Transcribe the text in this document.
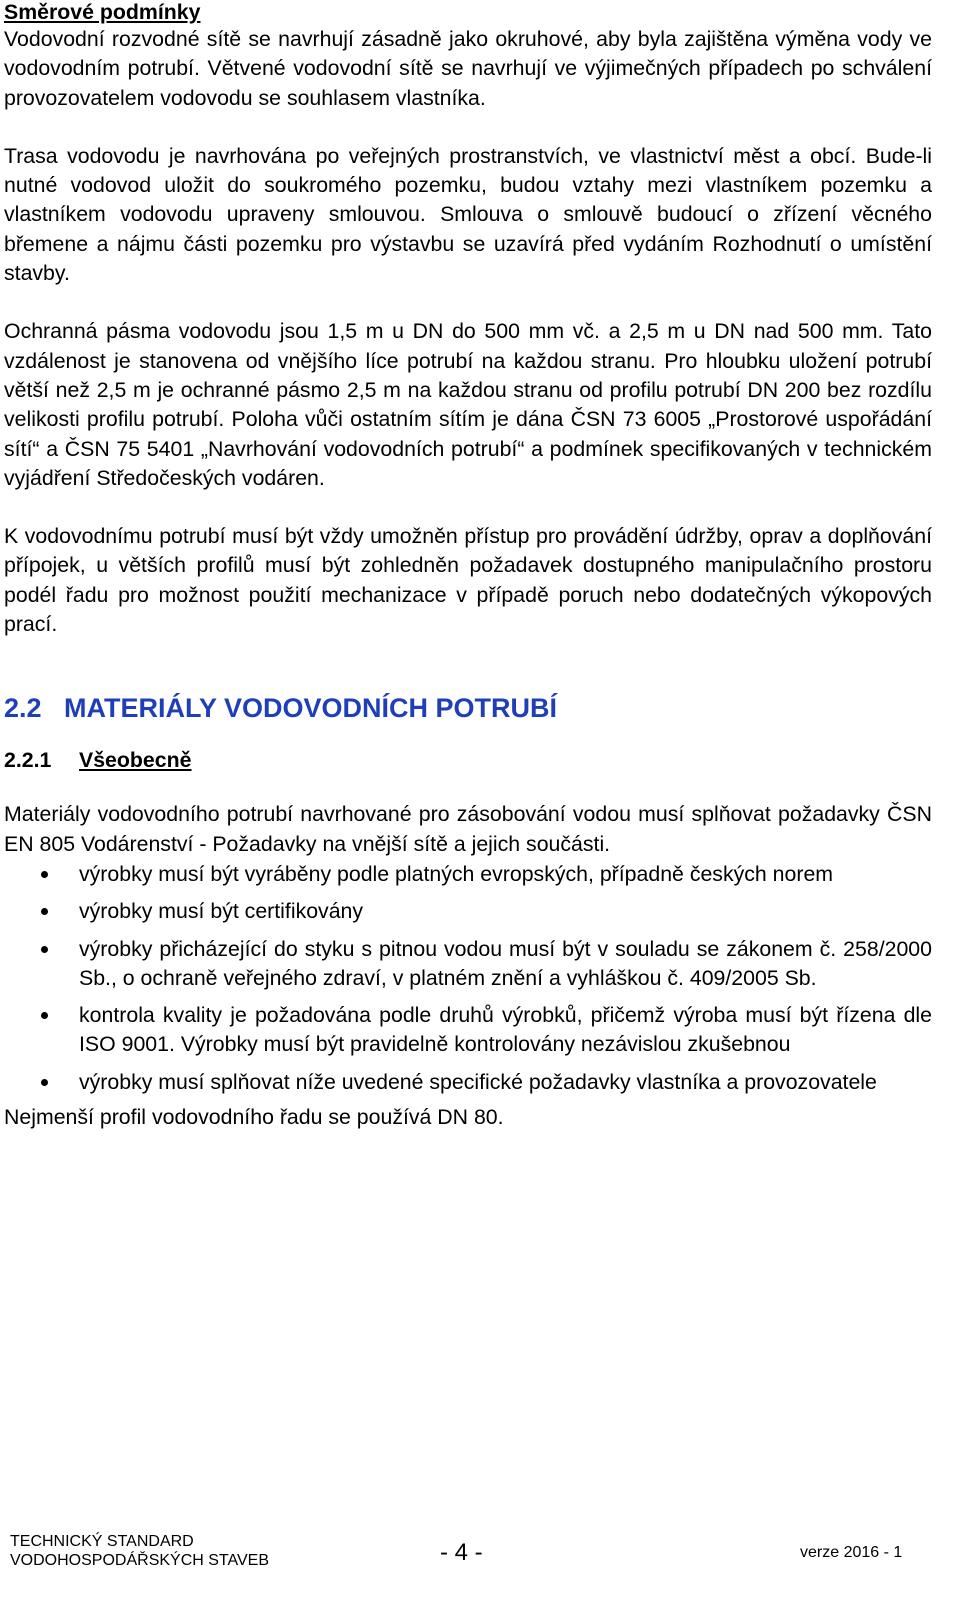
Směrové podmínky

Vodovodní rozvodné sítě se navrhují zásadně jako okruhové, aby byla zajištěna výměna vody ve vodovodním potrubí. Větvené vodovodní sítě se navrhují ve výjimečných případech po schválení provozovatelem vodovodu se souhlasem vlastníka.

Trasa vodovodu je navrhována po veřejných prostranstvích, ve vlastnictví měst a obcí. Bude-li nutné vodovod uložit do soukromého pozemku, budou vztahy mezi vlastníkem pozemku a vlastníkem vodovodu upraveny smlouvou. Smlouva o smlouvě budoucí o zřízení věcného břemene a nájmu části pozemku pro výstavbu se uzavírá před vydáním Rozhodnutí o umístění stavby.

Ochranná pásma vodovodu jsou 1,5 m u DN do 500 mm vč. a 2,5 m u DN nad 500 mm. Tato vzdálenost je stanovena od vnějšího líce potrubí na každou stranu. Pro hloubku uložení potrubí větší než 2,5 m je ochranné pásmo 2,5 m na každou stranu od profilu potrubí DN 200 bez rozdílu velikosti profilu potrubí. Poloha vůči ostatním sítím je dána ČSN 73 6005 „Prostorové uspořádání sítí“ a ČSN 75 5401 „Navrhování vodovodních potrubí“ a podmínek specifikovaných v technickém vyjádření Středočeských vodáren.

K vodovodnímu potrubí musí být vždy umožněn přístup pro provádění údržby, oprav a doplňování přípojek, u větších profilů musí být zohledněn požadavek dostupného manipulačního prostoru podél řadu pro možnost použití mechanizace v případě poruch nebo dodatečných výkopových prací.

2.2 MATERIÁLY VODOVODNÍCH POTRUBÍ
2.2.1 Všeobecně

Materiály vodovodního potrubí navrhované pro zásobování vodou musí splňovat požadavky ČSN EN 805 Vodárenství - Požadavky na vnější sítě a jejich součásti.

výrobky musí být vyráběny podle platných evropských, případně českých norem
výrobky musí být certifikovány
výrobky přicházející do styku s pitnou vodou musí být v souladu se zákonem č. 258/2000 Sb., o ochraně veřejného zdraví, v platném znění a vyhláškou č. 409/2005 Sb.
kontrola kvality je požadována podle druhů výrobků, přičemž výroba musí být řízena dle ISO 9001. Výrobky musí být pravidelně kontrolovány nezávislou zkušebnou
výrobky musí splňovat níže uvedené specifické požadavky vlastníka a provozovatele

Nejmenší profil vodovodního řadu se používá DN 80.

TECHNICKÝ STANDARD
VODOHOSPODÁŘSKÝCH STAVEB	- 4 -	verze 2016 - 1
